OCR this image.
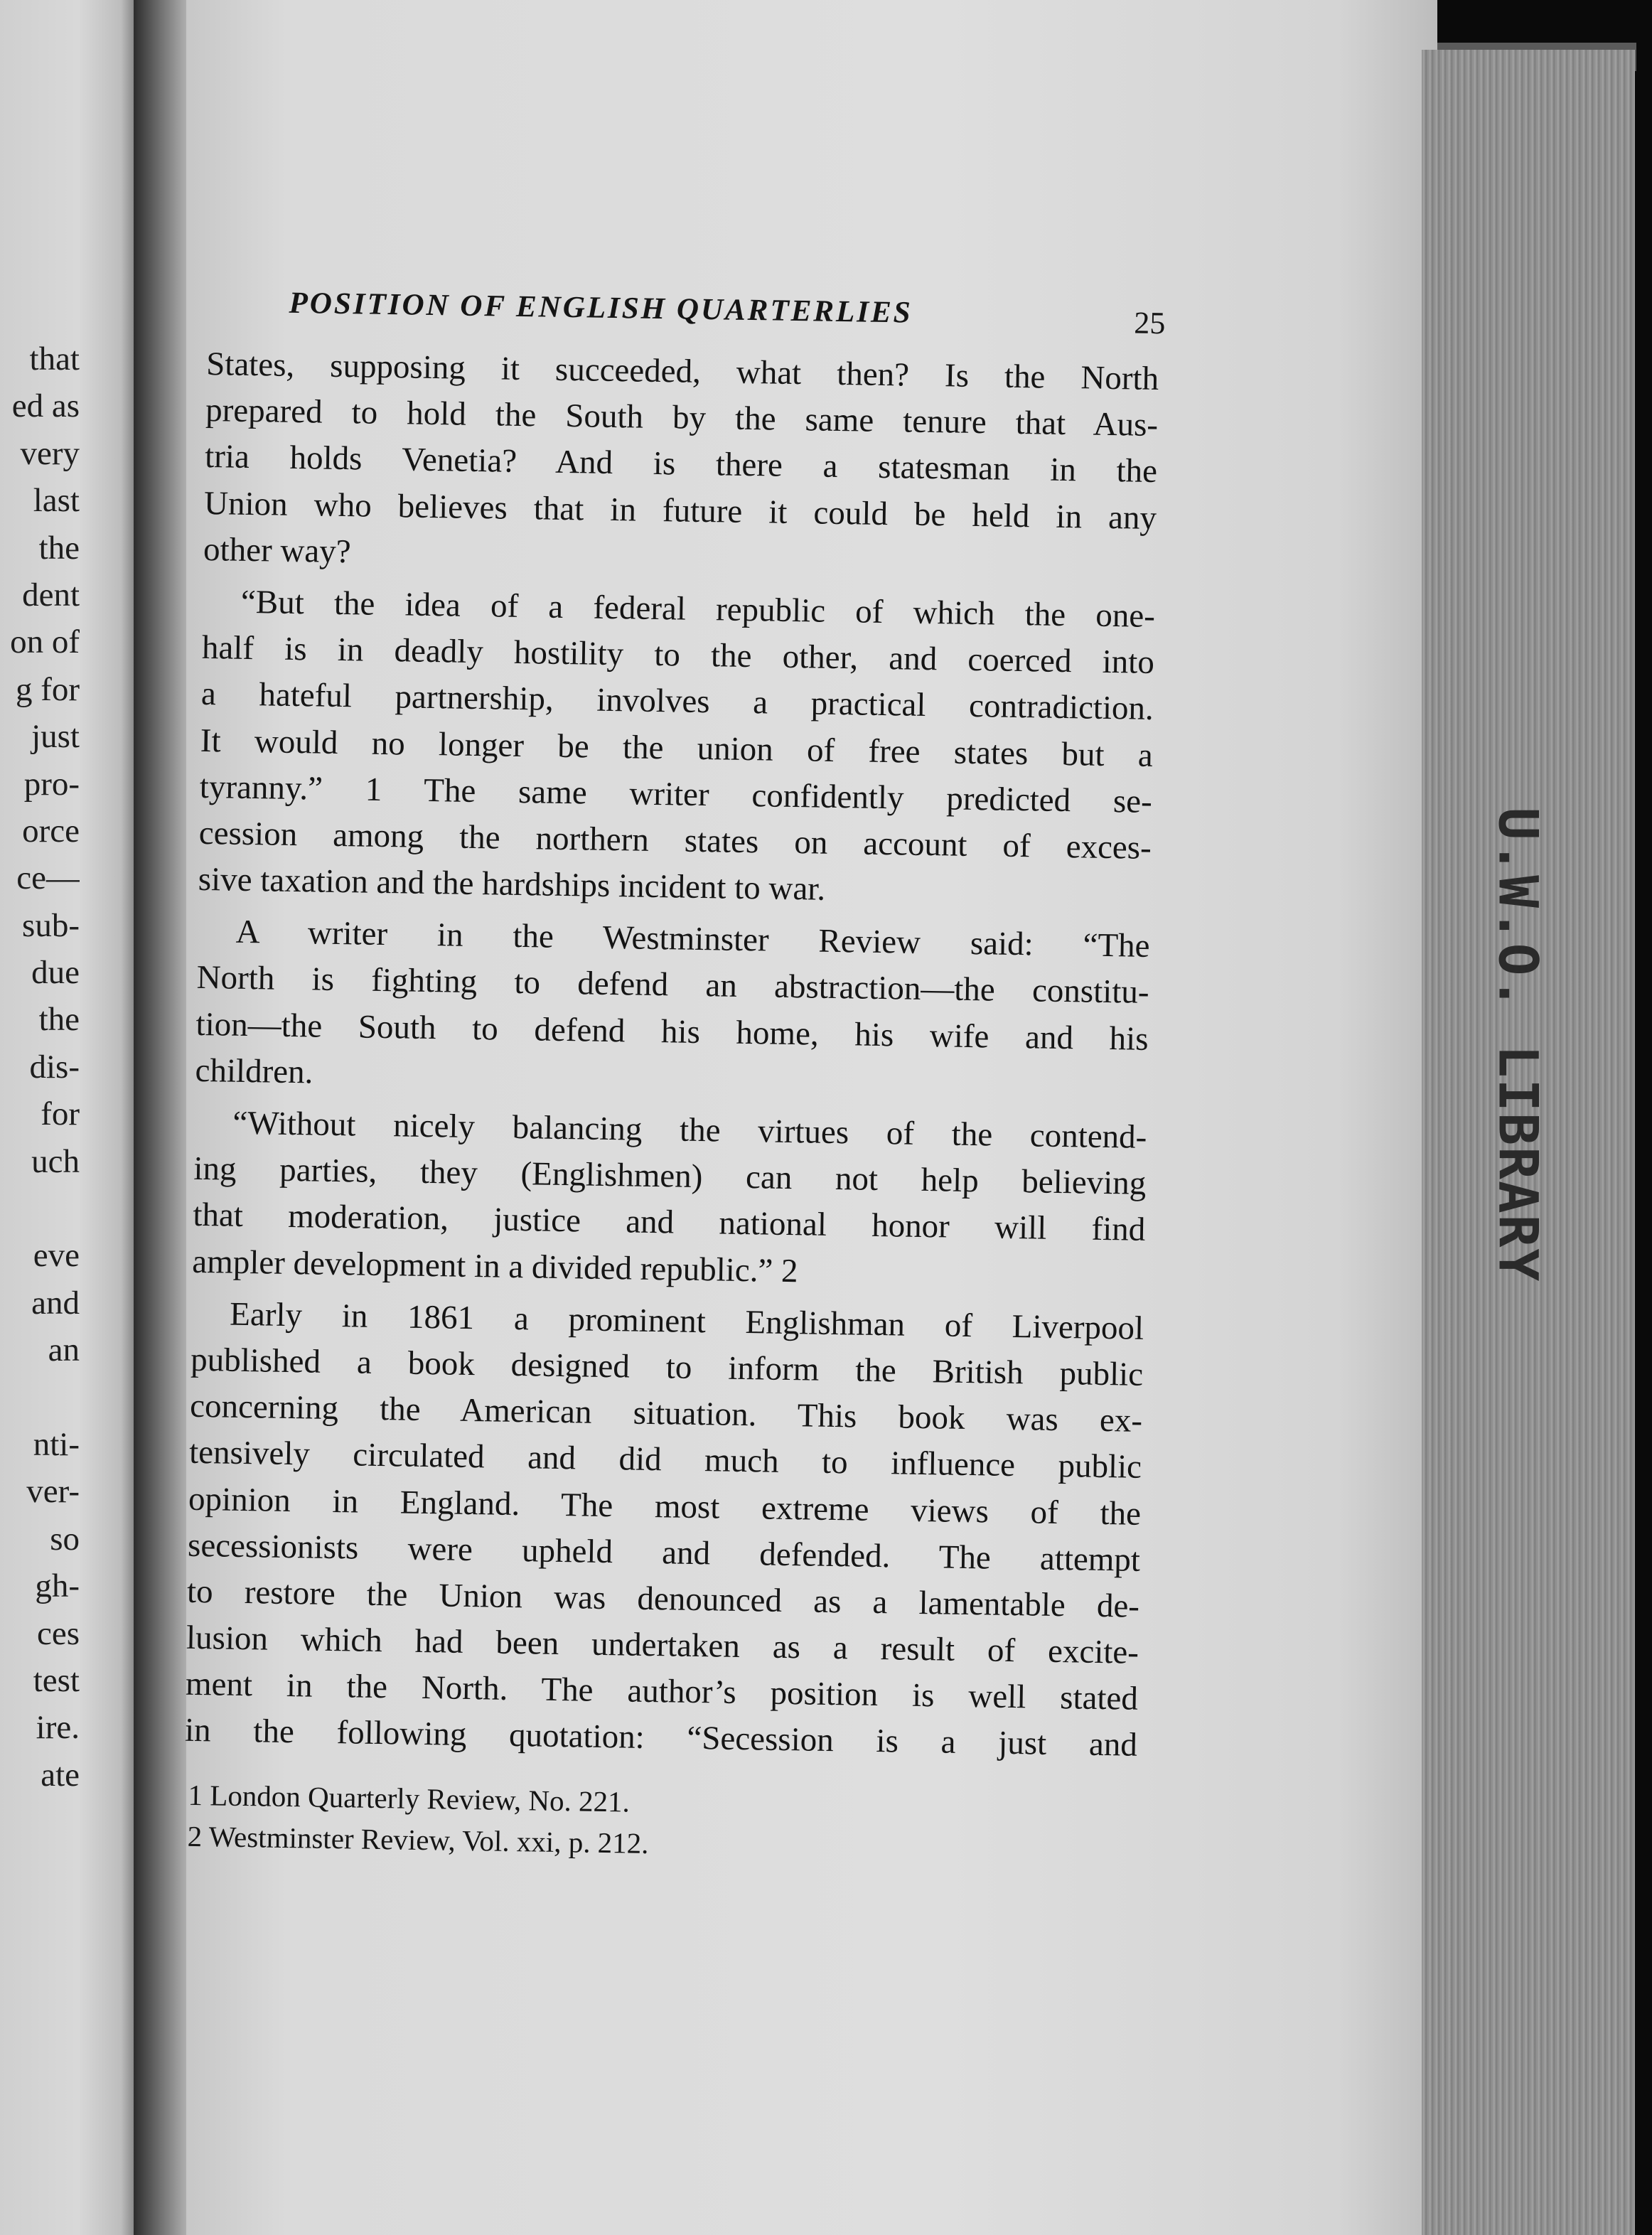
that
ed as
very
last
the
dent
on of
g for
just
pro-
orce
ce—
sub-
due
the
dis-
for
uch
eve
and
an
nti-
ver-
so
gh-
ces
test
ire.
ate
U.W.O. LIBRARY
POSITION OF ENGLISH QUARTERLIES	25
States, supposing it succeeded, what then? Is the North
prepared to hold the South by the same tenure that Aus-
tria holds Venetia? And is there a statesman in the
Union who believes that in future it could be held in any
other way?
“But the idea of a federal republic of which the one-
half is in deadly hostility to the other, and coerced into
a hateful partnership, involves a practical contradiction.
It would no longer be the union of free states but a
tyranny.” 1 The same writer confidently predicted se-
cession among the northern states on account of exces-
sive taxation and the hardships incident to war.
A writer in the Westminster Review said: “The
North is fighting to defend an abstraction—the constitu-
tion—the South to defend his home, his wife and his
children.
“Without nicely balancing the virtues of the contend-
ing parties, they (Englishmen) can not help believing
that moderation, justice and national honor will find
ampler development in a divided republic.” 2
Early in 1861 a prominent Englishman of Liverpool
published a book designed to inform the British public
concerning the American situation. This book was ex-
tensively circulated and did much to influence public
opinion in England. The most extreme views of the
secessionists were upheld and defended. The attempt
to restore the Union was denounced as a lamentable de-
lusion which had been undertaken as a result of excite-
ment in the North. The author’s position is well stated
in the following quotation: “Secession is a just and
1 London Quarterly Review, No. 221.
2 Westminster Review, Vol. xxi, p. 212.
